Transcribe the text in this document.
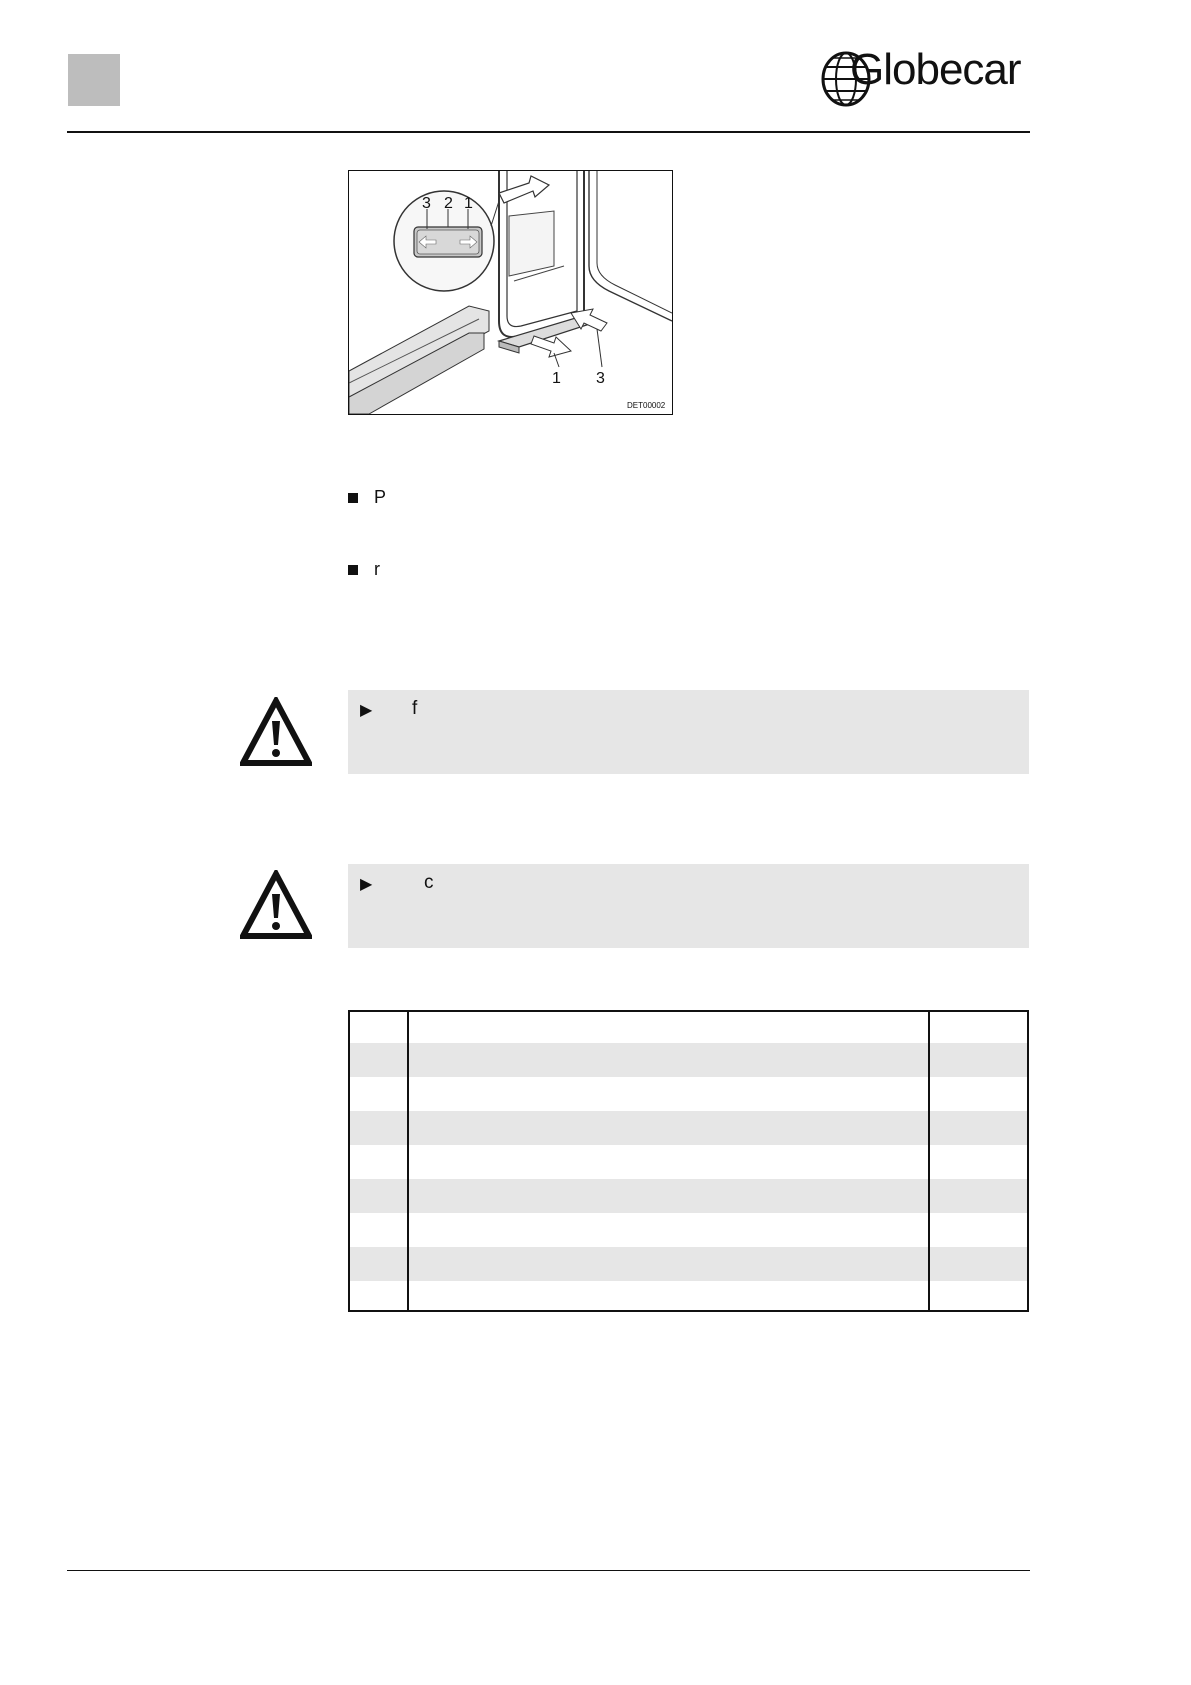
Globecar
3 2 1
1 3
DET00002
P
r
▶ f
▶	c
